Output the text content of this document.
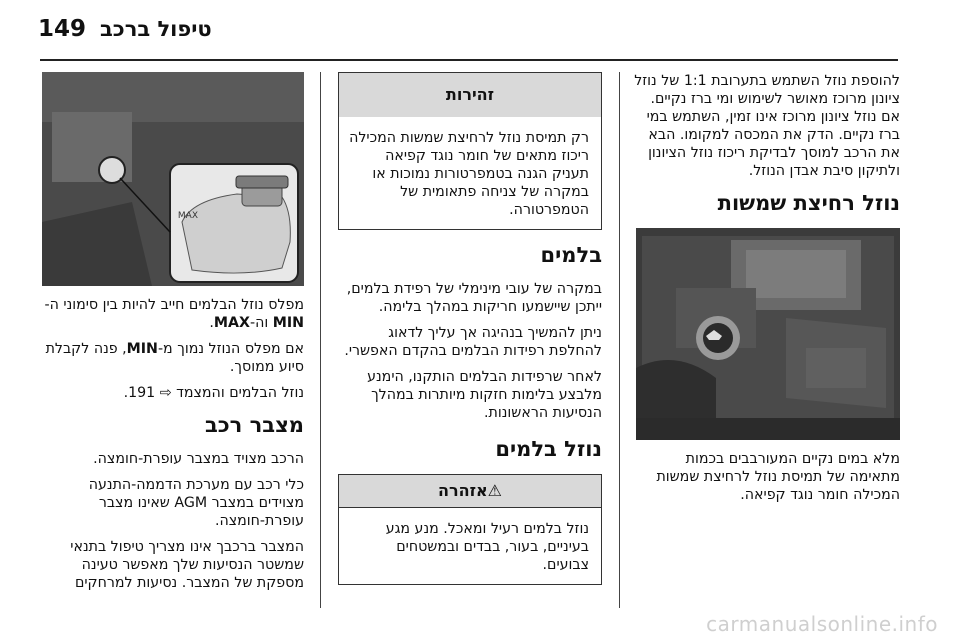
149 טיפול ברכב

להוספת נוזל השתמש בתערובת 1:1 של נוזל ציונון מרוכז מאושר לשימוש ומי ברז נקיים. אם נוזל ציונון מרוכז אינו זמין, השתמש במי ברז נקיים. הדק את המכסה למקומו. הבא את הרכב למוסך לבדיקת ריכוז נוזל הציונון ולתיקון סיבת אבדן הנוזל.

נוזל רחיצת שמשות

מלא במים נקיים המעורבבים בכמות מתאימה של תמיסת נוזל לרחיצת שמשות המכילה חומר נוגד קפיאה.

זהירות
רק תמיסת נוזל לרחיצת שמשות המכילה ריכוז מתאים של חומר נוגד קפיאה תעניק הגנה בטמפרטורות נמוכות או במקרה של צניחה פתאומית של הטמפרטורה.
בלמים

במקרה של עובי מינימלי של רפידת בלמים, ייתכן שיישמעו חריקות במהלך בלימה.

ניתן להמשיך בנהיגה אך עליך לדאוג להחלפת רפידות הבלמים בהקדם האפשרי.

לאחר שרפידות הבלמים הותקנו, הימנע מלבצע בלימות חזקות מיותרות במהלך הנסיעות הראשונות.

נוזל בלמים
⚠אזהרה
נוזל בלמים רעיל ומאכל. מנע מגע בעיניים, בעור, בבדים ובמשטחים צבועים.
MAX

מפלס נוזל הבלמים חייב להיות בין סימוני ה-MIN וה-MAX.

אם מפלס הנוזל נמוך מ-MIN, פנה לקבלת סיוע ממוסך.

נוזל הבלמים והמצמד ⇨ 191.

מצבר רכב

הרכב מצויד במצבר עופרת-חומצה.

כלי רכב עם מערכת הדממה-התנעה מצוידים במצבר AGM שאינו מצבר עופרת-חומצה.

המצבר ברכבך אינו מצריך טיפול בתנאי שמשטר הנסיעות שלך מאפשר טעינה מספקת של המצבר. נסיעות למרחקים

carmanualsonline.info
